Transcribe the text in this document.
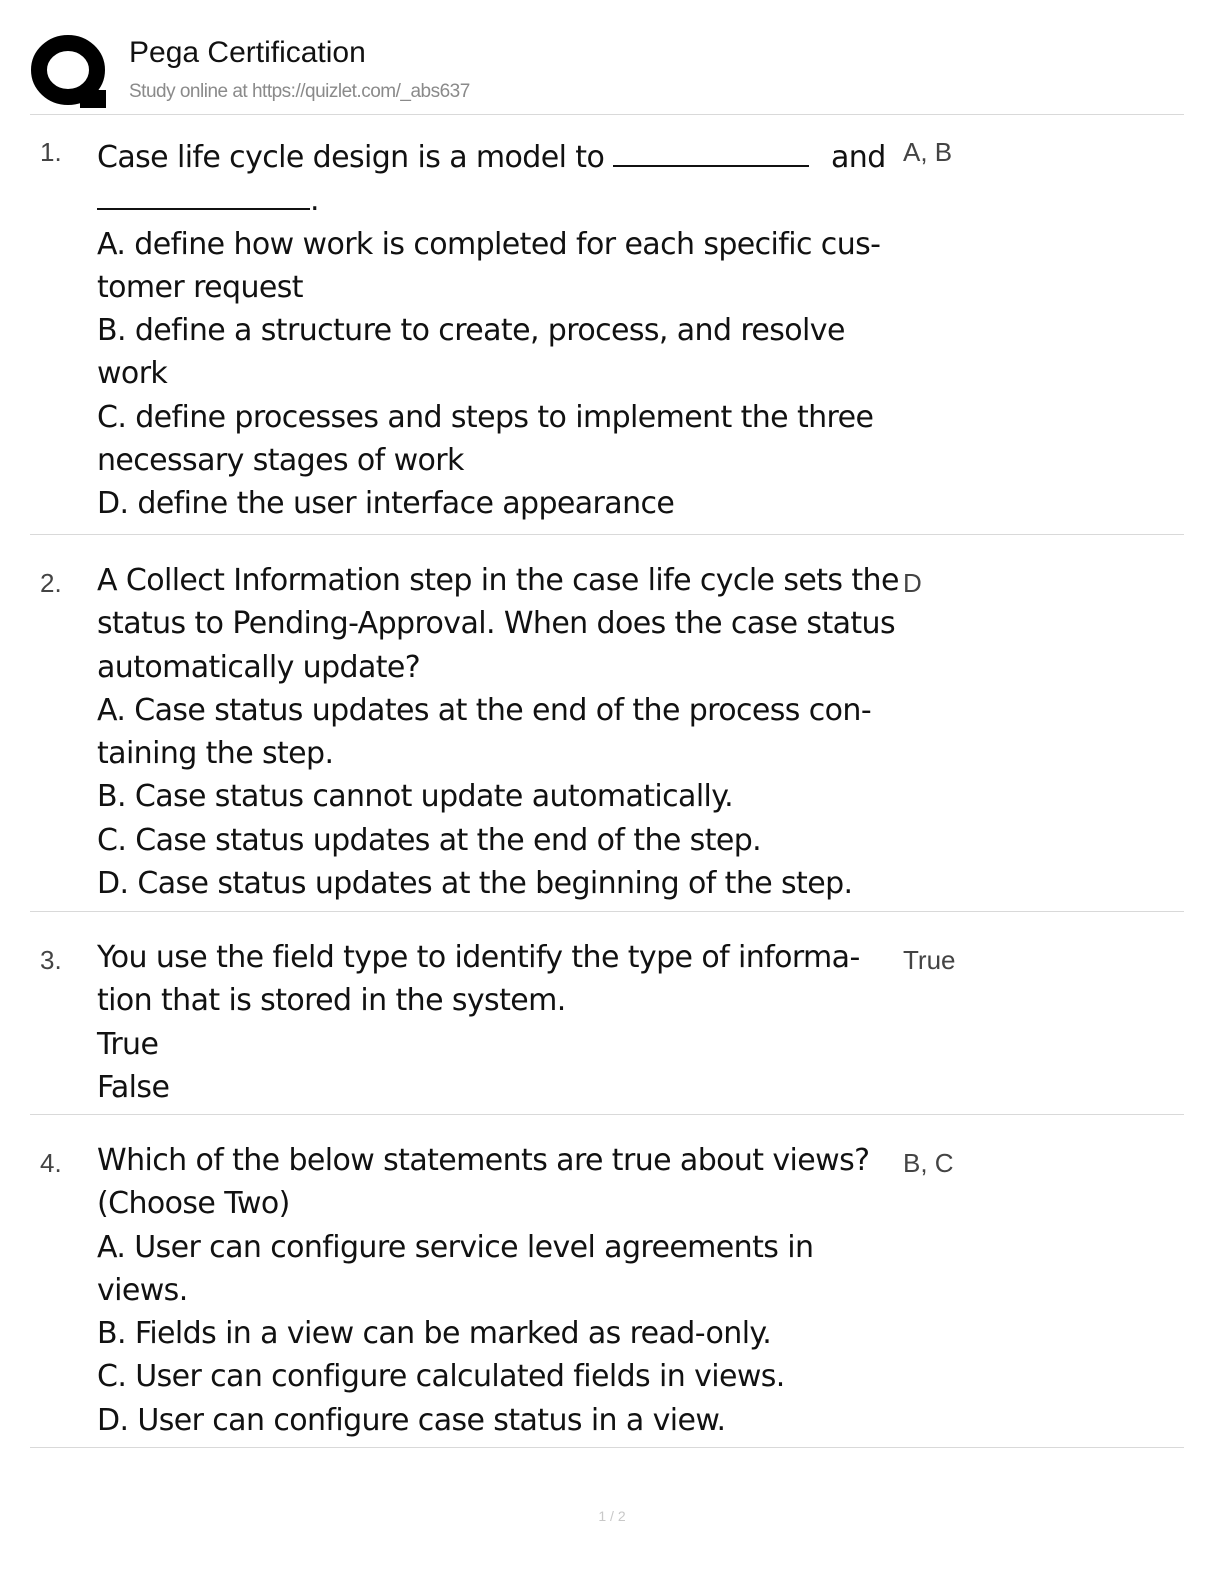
Pega Certification
Study online at https://quizlet.com/_abs637
1. Case life cycle design is a model to	and
.
A. define how work is completed for each specific cus-
tomer request
B. define a structure to create, process, and resolve
work
C. define processes and steps to implement the three
necessary stages of work
D. define the user interface appearance
A, B
2. A Collect Information step in the case life cycle sets the
status to Pending-Approval. When does the case status
automatically update?
A. Case status updates at the end of the process con-
taining the step.
B. Case status cannot update automatically.
C. Case status updates at the end of the step.
D. Case status updates at the beginning of the step.
D
3. You use the field type to identify the type of informa-
tion that is stored in the system.
True
False
True
4. Which of the below statements are true about views?
(Choose Two)
A. User can configure service level agreements in
views.
B. Fields in a view can be marked as read-only.
C. User can configure calculated fields in views.
D. User can configure case status in a view.
B, C
1 / 2
